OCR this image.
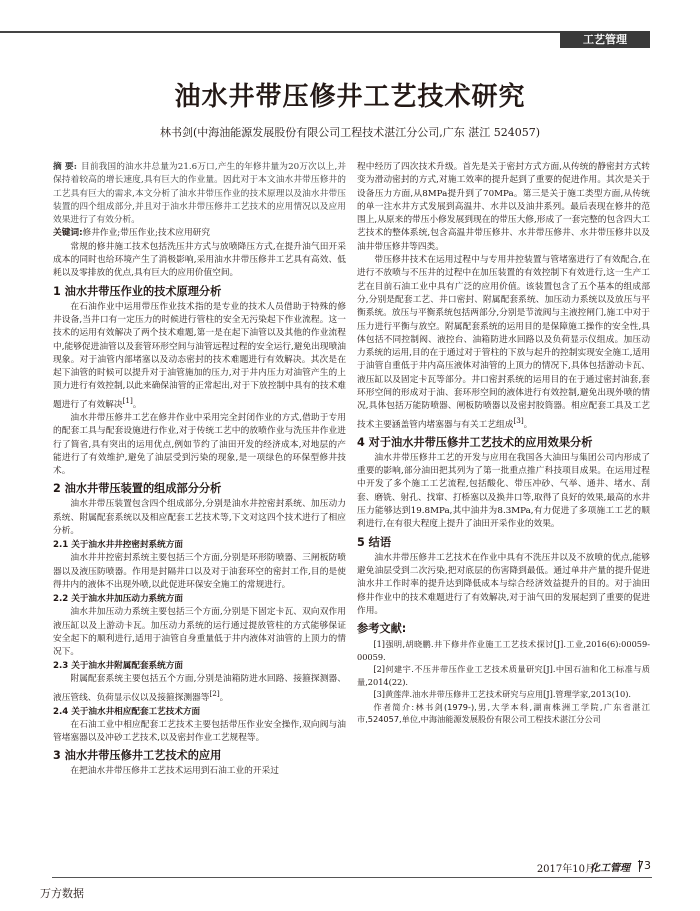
工艺管理
油水井带压修井工艺技术研究
林书剑(中海油能源发展股份有限公司工程技术湛江分公司,广东 湛江 524057)

摘 要: 目前我国的油水井总量为21.6万口,产生的年修井量为20万次以上,并保持着较高的增长速度,具有巨大的作业量。因此对于本文油水井带压修井的工艺具有巨大的需求,本文分析了油水井带压作业的技术原理以及油水井带压装置的四个组成部分,并且对于油水井带压修井工艺技术的应用情况以及应用效果进行了有效分析。

关键词:修井作业;带压作业;技术应用研究

常规的修井施工技术包括洗压井方式与放喷降压方式,在提升油气田开采成本的同时也给环境产生了消极影响,采用油水井带压修井工艺具有高效、低耗以及零排放的优点,具有巨大的应用价值空间。

1 油水井带压作业的技术原理分析

在石油作业中运用带压作业技术指的是专业的技术人员借助于特殊的修井设备,当井口有一定压力的时候进行管柱的安全无污染起下作业流程。这一技术的运用有效解决了两个技术难题,第一是在起下油管以及其他的作业流程中,能够促进油管以及套管环形空间与油管远程过程的安全运行,避免出现喷油现象。对于油管内部堵塞以及动态密封的技术难题进行有效解决。其次是在起下油管的时候可以提升对于油管施加的压力,对于井内压力对油管产生的上顶力进行有效控制,以此来确保油管的正常起出,对于下放控制中具有的技术难题进行了有效解决[1]。

油水井带压修井工艺在修井作业中采用完全封闭作业的方式,借助于专用的配套工具与配套设施进行作业,对于传统工艺中的放喷作业与洗压井作业进行了简省,具有突出的运用优点,例如节约了油田开发的经济成本,对地层的产能进行了有效维护,避免了油层受到污染的现象,是一项绿色的环保型修井技术。

2 油水井带压装置的组成部分分析

油水井带压装置包含四个组成部分,分别是油水井控密封系统、加压动力系统、附属配套系统以及相应配套工艺技术等,下文对这四个技术进行了相应分析。

2.1 关于油水井井控密封系统方面

油水井井控密封系统主要包括三个方面,分别是环形防喷器、三闸板防喷器以及液压防喷器。作用是封隔井口以及对于油套环空的密封工作,目的是使得井内的液体不出现外喷,以此促进环保安全施工的常规进行。

2.2 关于油水井加压动力系统方面

油水井加压动力系统主要包括三个方面,分别是下固定卡瓦、双向双作用液压缸以及上游动卡瓦。加压动力系统的运行通过提放管柱的方式能够保证安全起下的顺利进行,适用于油管自身重量低于井内液体对油管的上顶力的情况下。

2.3 关于油水井附属配套系统方面

附属配套系统主要包括五个方面,分别是油箱防进水回路、接箍探测器、液压管线、负荷显示仪以及接箍探测器等[2]。

2.4 关于油水井相应配套工艺技术方面

在石油工业中相应配套工艺技术主要包括带压作业安全操作,双向阀与油管堵塞器以及冲砂工艺技术,以及密封作业工艺规程等。

3 油水井带压修井工艺技术的应用

在把油水井带压修井工艺技术运用到石油工业的开采过

程中经历了四次技术升级。首先是关于密封方式方面,从传统的静密封方式转变为滑动密封的方式,对施工效率的提升起到了重要的促进作用。其次是关于设备压力方面,从8MPa提升到了70MPa。第三是关于施工类型方面,从传统的单一注水井方式发展到高温井、水井以及油井系列。最后表现在修井的范围上,从原来的带压小修发展到现在的带压大修,形成了一套完整的包含四大工艺技术的整体系统,包含高温井带压修井、水井带压修井、水井带压修井以及油井带压修井等四类。

带压修井技术在运用过程中与专用井控装置与管堵塞进行了有效配合,在进行不放喷与不压井的过程中在加压装置的有效控制下有效进行,这一生产工艺在目前石油工业中具有广泛的应用价值。该装置包含了五个基本的组成部分,分别是配套工艺、井口密封、附属配套系统、加压动力系统以及放压与平衡系统。放压与平衡系统包括两部分,分别是节流阀与主液控闸门,施工中对于压力进行平衡与放空。附属配套系统的运用目的是保障施工操作的安全性,具体包括不同控制阀、液控台、油箱防进水回路以及负荷显示仪组成。加压动力系统的运用,目的在于通过对于管柱的下放与起升的控制实现安全施工,适用于油管自重低于井内高压液体对油管的上顶力的情况下,具体包括游动卡瓦、液压缸以及固定卡瓦等部分。井口密封系统的运用目的在于通过密封油套,套环形空间的形成对于油、套环形空间的液体进行有效控制,避免出现外喷的情况,具体包括万能防喷器、闸板防喷器以及密封胶筒器。相应配套工具及工艺技术主要涵盖管内堵塞器与有关工艺组成[3]。

4 对于油水井带压修井工艺技术的应用效果分析

油水井带压修井工艺的开发与应用在我国各大油田与集团公司内形成了重要的影响,部分油田把其列为了第一批重点推广科技项目成果。在运用过程中开发了多个施工工艺流程,包括酸化、带压冲砂、气举、通井、堵水、刮套、磨铣、射孔、找窜、打桥塞以及换井口等,取得了良好的效果,最高的水井压力能够达到19.8MPa,其中油井为8.3MPa,有力促进了多项施工工艺的顺利进行,在有很大程度上提升了油田开采作业的效果。

5 结语

油水井带压修井工艺技术在作业中具有不洗压井以及不放喷的优点,能够避免油层受到二次污染,把对底层的伤害降到最低。通过单井产量的提升促进油水井工作时率的提升达到降低成本与综合经济效益提升的目的。对于油田修井作业中的技术难题进行了有效解决,对于油气田的发展起到了重要的促进作用。

参考文献:

[1]强明,胡晓鹏.井下修井作业施工工艺技术探讨[J].工业,2016(6):00059-00059.

[2]何建宇.不压井带压作业工艺技术质量研究[J].中国石油和化工标准与质量,2014(22).

[3]黄莲萍.油水井带压修井工艺技术研究与应用[J].管理学家,2013(10).

作者简介:林书剑(1979-),男,大学本科,湖南株洲工学院,广东省湛江市,524057,单位,中海油能源发展股份有限公司工程技术湛江分公司

2017年10月
化工管理 73
万方数据
